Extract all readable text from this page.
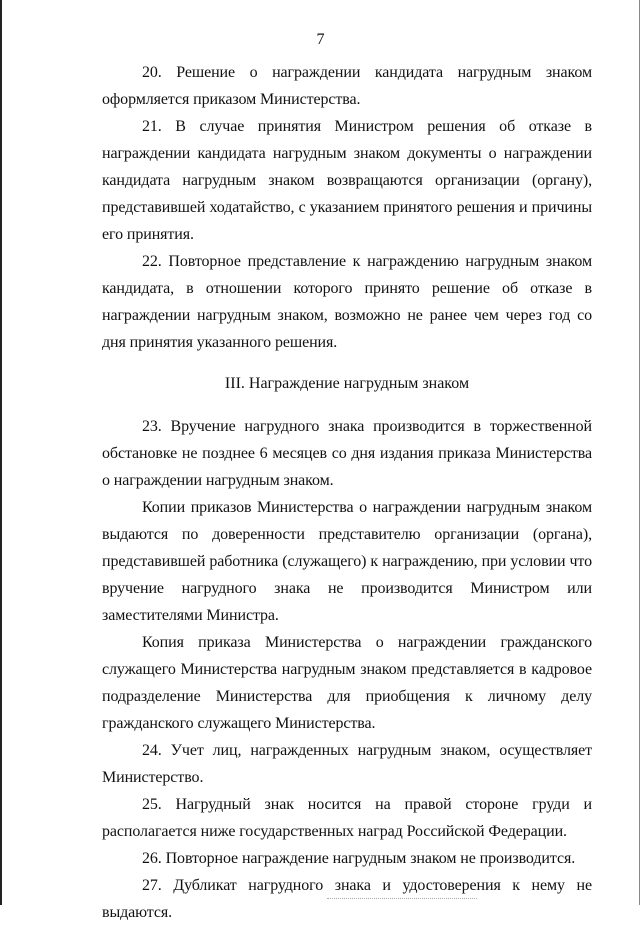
7

20. Решение о награждении кандидата нагрудным знаком оформляется приказом Министерства.

21. В случае принятия Министром решения об отказе в награждении кандидата нагрудным знаком документы о награждении кандидата нагрудным знаком возвращаются организации (органу), представившей ходатайство, с указанием принятого решения и причины его принятия.

22. Повторное представление к награждению нагрудным знаком кандидата, в отношении которого принято решение об отказе в награждении нагрудным знаком, возможно не ранее чем через год со дня принятия указанного решения.

III. Награждение нагрудным знаком

23. Вручение нагрудного знака производится в торжественной обстановке не позднее 6 месяцев со дня издания приказа Министерства о награждении нагрудным знаком.

Копии приказов Министерства о награждении нагрудным знаком выдаются по доверенности представителю организации (органа), представившей работника (служащего) к награждению, при условии что вручение нагрудного знака не производится Министром или заместителями Министра.

Копия приказа Министерства о награждении гражданского служащего Министерства нагрудным знаком представляется в кадровое подразделение Министерства для приобщения к личному делу гражданского служащего Министерства.

24. Учет лиц, награжденных нагрудным знаком, осуществляет Министерство.

25. Нагрудный знак носится на правой стороне груди и располагается ниже государственных наград Российской Федерации.

26. Повторное награждение нагрудным знаком не производится.

27. Дубликат нагрудного знака и удостоверения к нему не выдаются.
